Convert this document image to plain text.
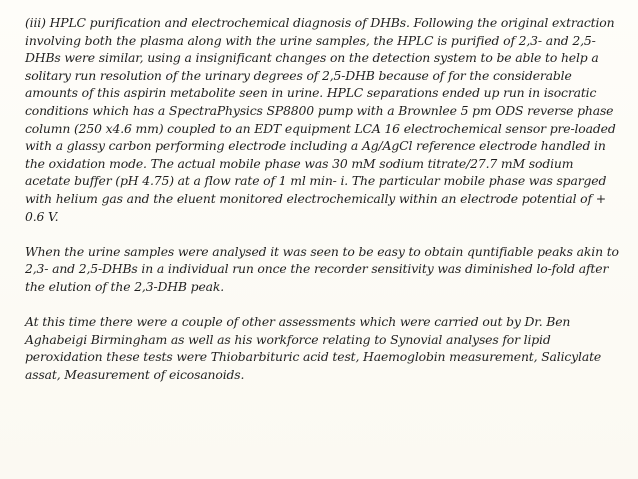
(iii) HPLC purification and electrochemical diagnosis of DHBs. Following the original extraction involving both the plasma along with the urine samples, the HPLC is purified of 2,3- and 2,5-DHBs were similar, using a insignificant changes on the detection system to be able to help a solitary run resolution of the urinary degrees of 2,5-DHB because of for the considerable amounts of this aspirin metabolite seen in urine. HPLC separations ended up run in isocratic conditions which has a SpectraPhysics SP8800 pump with a Brownlee 5 pm ODS reverse phase column (250 x4.6 mm) coupled to an EDT equipment LCA 16 electrochemical sensor pre-loaded with a glassy carbon performing electrode including a Ag/AgCl reference electrode handled in the oxidation mode. The actual mobile phase was 30 mM sodium titrate/27.7 mM sodium acetate buffer (pH 4.75) at a flow rate of 1 ml min- i. The particular mobile phase was sparged with helium gas and the eluent monitored electrochemically within an electrode potential of + 0.6 V.

When the urine samples were analysed it was seen to be easy to obtain quntifiable peaks akin to 2,3- and 2,5-DHBs in a individual run once the recorder sensitivity was diminished lo-fold after the elution of the 2,3-DHB peak.

At this time there were a couple of other assessments which were carried out by Dr. Ben Aghabeigi Birmingham as well as his workforce relating to Synovial analyses for lipid peroxidation these tests were Thiobarbituric acid test, Haemoglobin measurement, Salicylate assat, Measurement of eicosanoids.
